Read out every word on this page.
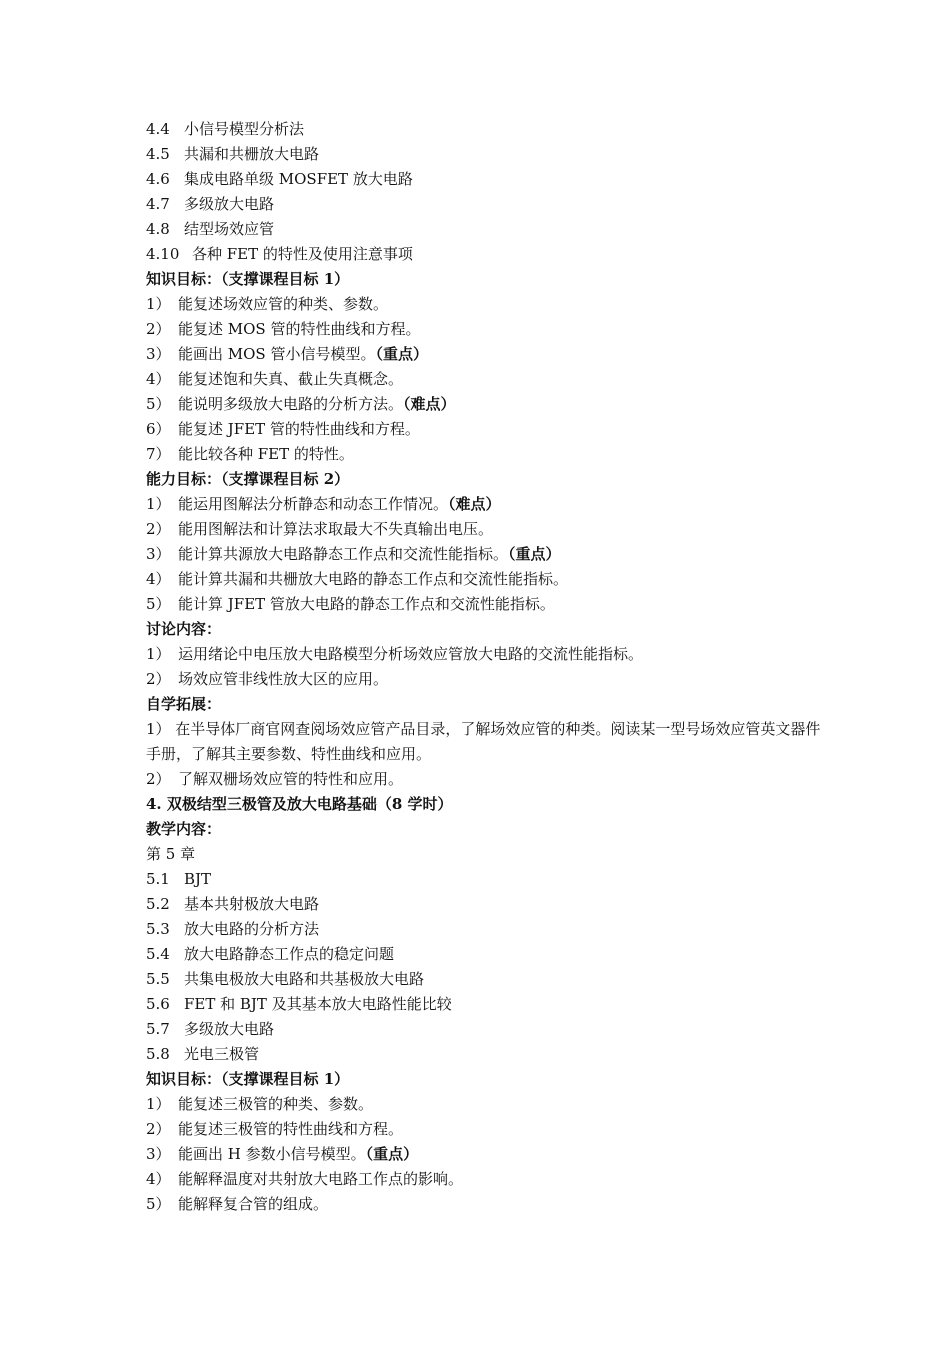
4.4 小信号模型分析法
4.5 共漏和共栅放大电路
4.6 集成电路单级 MOSFET 放大电路
4.7 多级放大电路
4.8 结型场效应管
4.10 各种 FET 的特性及使用注意事项
知识目标：（支撑课程目标 1）
1） 能复述场效应管的种类、参数。
2） 能复述 MOS 管的特性曲线和方程。
3） 能画出 MOS 管小信号模型。（重点）
4） 能复述饱和失真、截止失真概念。
5） 能说明多级放大电路的分析方法。（难点）
6） 能复述 JFET 管的特性曲线和方程。
7） 能比较各种 FET 的特性。
能力目标：（支撑课程目标 2）
1） 能运用图解法分析静态和动态工作情况。（难点）
2） 能用图解法和计算法求取最大不失真输出电压。
3） 能计算共源放大电路静态工作点和交流性能指标。（重点）
4） 能计算共漏和共栅放大电路的静态工作点和交流性能指标。
5） 能计算 JFET 管放大电路的静态工作点和交流性能指标。
讨论内容：
1） 运用绪论中电压放大电路模型分析场效应管放大电路的交流性能指标。
2） 场效应管非线性放大区的应用。
自学拓展：
1） 在半导体厂商官网查阅场效应管产品目录，了解场效应管的种类。阅读某一型号场效应管英文器件手册，了解其主要参数、特性曲线和应用。
2） 了解双栅场效应管的特性和应用。
4. 双极结型三极管及放大电路基础（8 学时）
教学内容：
第 5 章
5.1 BJT
5.2 基本共射极放大电路
5.3 放大电路的分析方法
5.4 放大电路静态工作点的稳定问题
5.5 共集电极放大电路和共基极放大电路
5.6 FET 和 BJT 及其基本放大电路性能比较
5.7 多级放大电路
5.8 光电三极管
知识目标：（支撑课程目标 1）
1） 能复述三极管的种类、参数。
2） 能复述三极管的特性曲线和方程。
3） 能画出 H 参数小信号模型。（重点）
4） 能解释温度对共射放大电路工作点的影响。
5） 能解释复合管的组成。
